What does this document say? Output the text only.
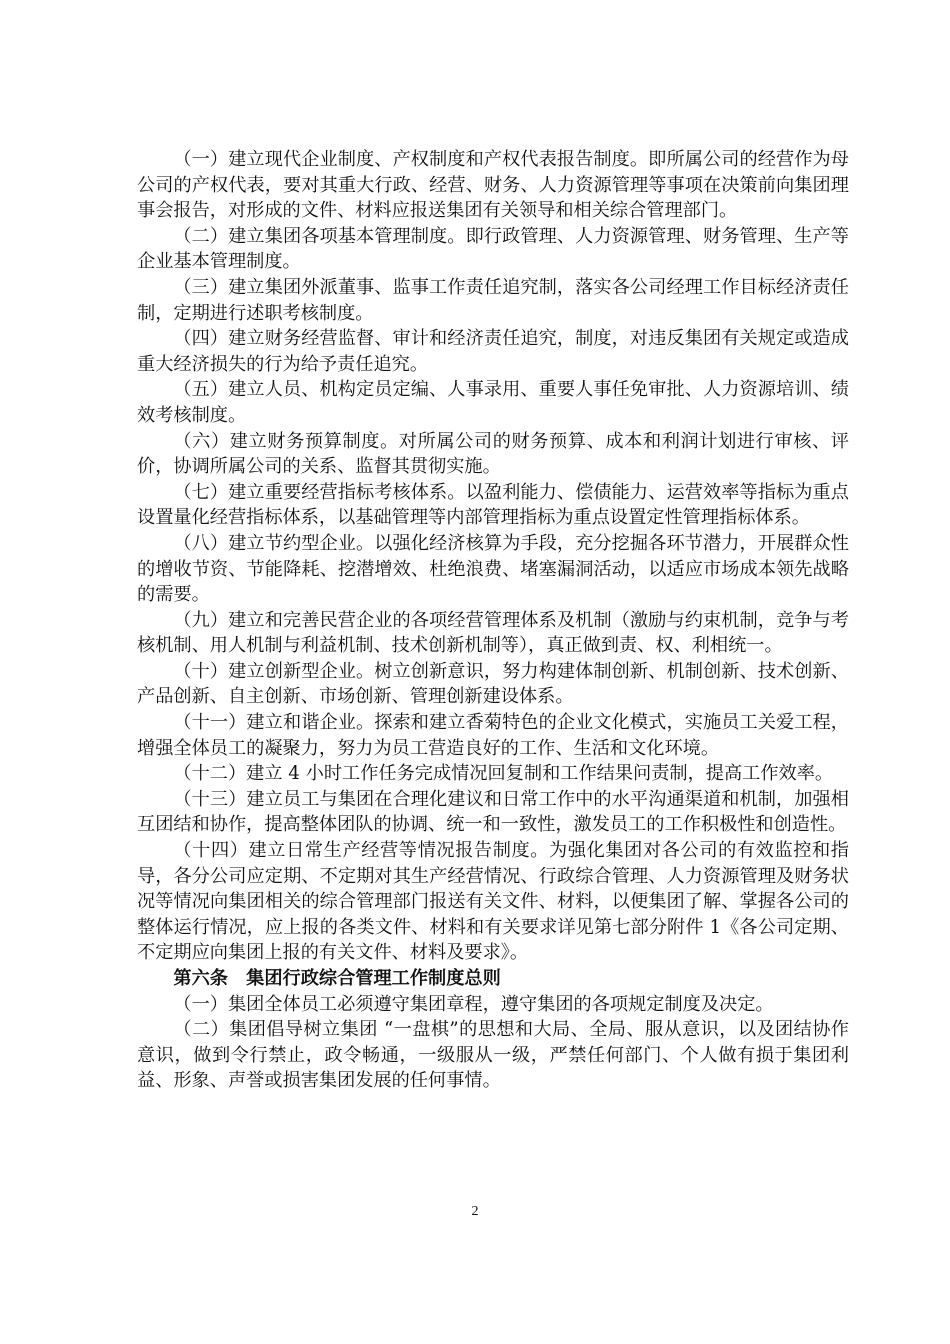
（一）建立现代企业制度、产权制度和产权代表报告制度。即所属公司的经营作为母公司的产权代表，要对其重大行政、经营、财务、人力资源管理等事项在决策前向集团理事会报告，对形成的文件、材料应报送集团有关领导和相关综合管理部门。

（二）建立集团各项基本管理制度。即行政管理、人力资源管理、财务管理、生产等企业基本管理制度。

（三）建立集团外派董事、监事工作责任追究制，落实各公司经理工作目标经济责任制，定期进行述职考核制度。

（四）建立财务经营监督、审计和经济责任追究，制度，对违反集团有关规定或造成重大经济损失的行为给予责任追究。

（五）建立人员、机构定员定编、人事录用、重要人事任免审批、人力资源培训、绩效考核制度。

（六）建立财务预算制度。对所属公司的财务预算、成本和利润计划进行审核、评价，协调所属公司的关系、监督其贯彻实施。

（七）建立重要经营指标考核体系。以盈利能力、偿债能力、运营效率等指标为重点设置量化经营指标体系，以基础管理等内部管理指标为重点设置定性管理指标体系。

（八）建立节约型企业。以强化经济核算为手段，充分挖掘各环节潜力，开展群众性的增收节资、节能降耗、挖潜增效、杜绝浪费、堵塞漏洞活动，以适应市场成本领先战略的需要。

（九）建立和完善民营企业的各项经营管理体系及机制（激励与约束机制，竞争与考核机制、用人机制与利益机制、技术创新机制等），真正做到责、权、利相统一。

（十）建立创新型企业。树立创新意识，努力构建体制创新、机制创新、技术创新、产品创新、自主创新、市场创新、管理创新建设体系。

（十一）建立和谐企业。探索和建立香菊特色的企业文化模式，实施员工关爱工程，增强全体员工的凝聚力，努力为员工营造良好的工作、生活和文化环境。

（十二）建立 4 小时工作任务完成情况回复制和工作结果问责制，提高工作效率。

（十三）建立员工与集团在合理化建议和日常工作中的水平沟通渠道和机制，加强相互团结和协作，提高整体团队的协调、统一和一致性，激发员工的工作积极性和创造性。

（十四）建立日常生产经营等情况报告制度。为强化集团对各公司的有效监控和指导，各分公司应定期、不定期对其生产经营情况、行政综合管理、人力资源管理及财务状况等情况向集团相关的综合管理部门报送有关文件、材料，以便集团了解、掌握各公司的整体运行情况，应上报的各类文件、材料和有关要求详见第七部分附件 1《各公司定期、不定期应向集团上报的有关文件、材料及要求》。

第六条　集团行政综合管理工作制度总则

（一）集团全体员工必须遵守集团章程，遵守集团的各项规定制度及决定。

（二）集团倡导树立集团 “一盘棋”的思想和大局、全局、服从意识，以及团结协作意识，做到令行禁止，政令畅通，一级服从一级，严禁任何部门、个人做有损于集团利益、形象、声誉或损害集团发展的任何事情。

2
